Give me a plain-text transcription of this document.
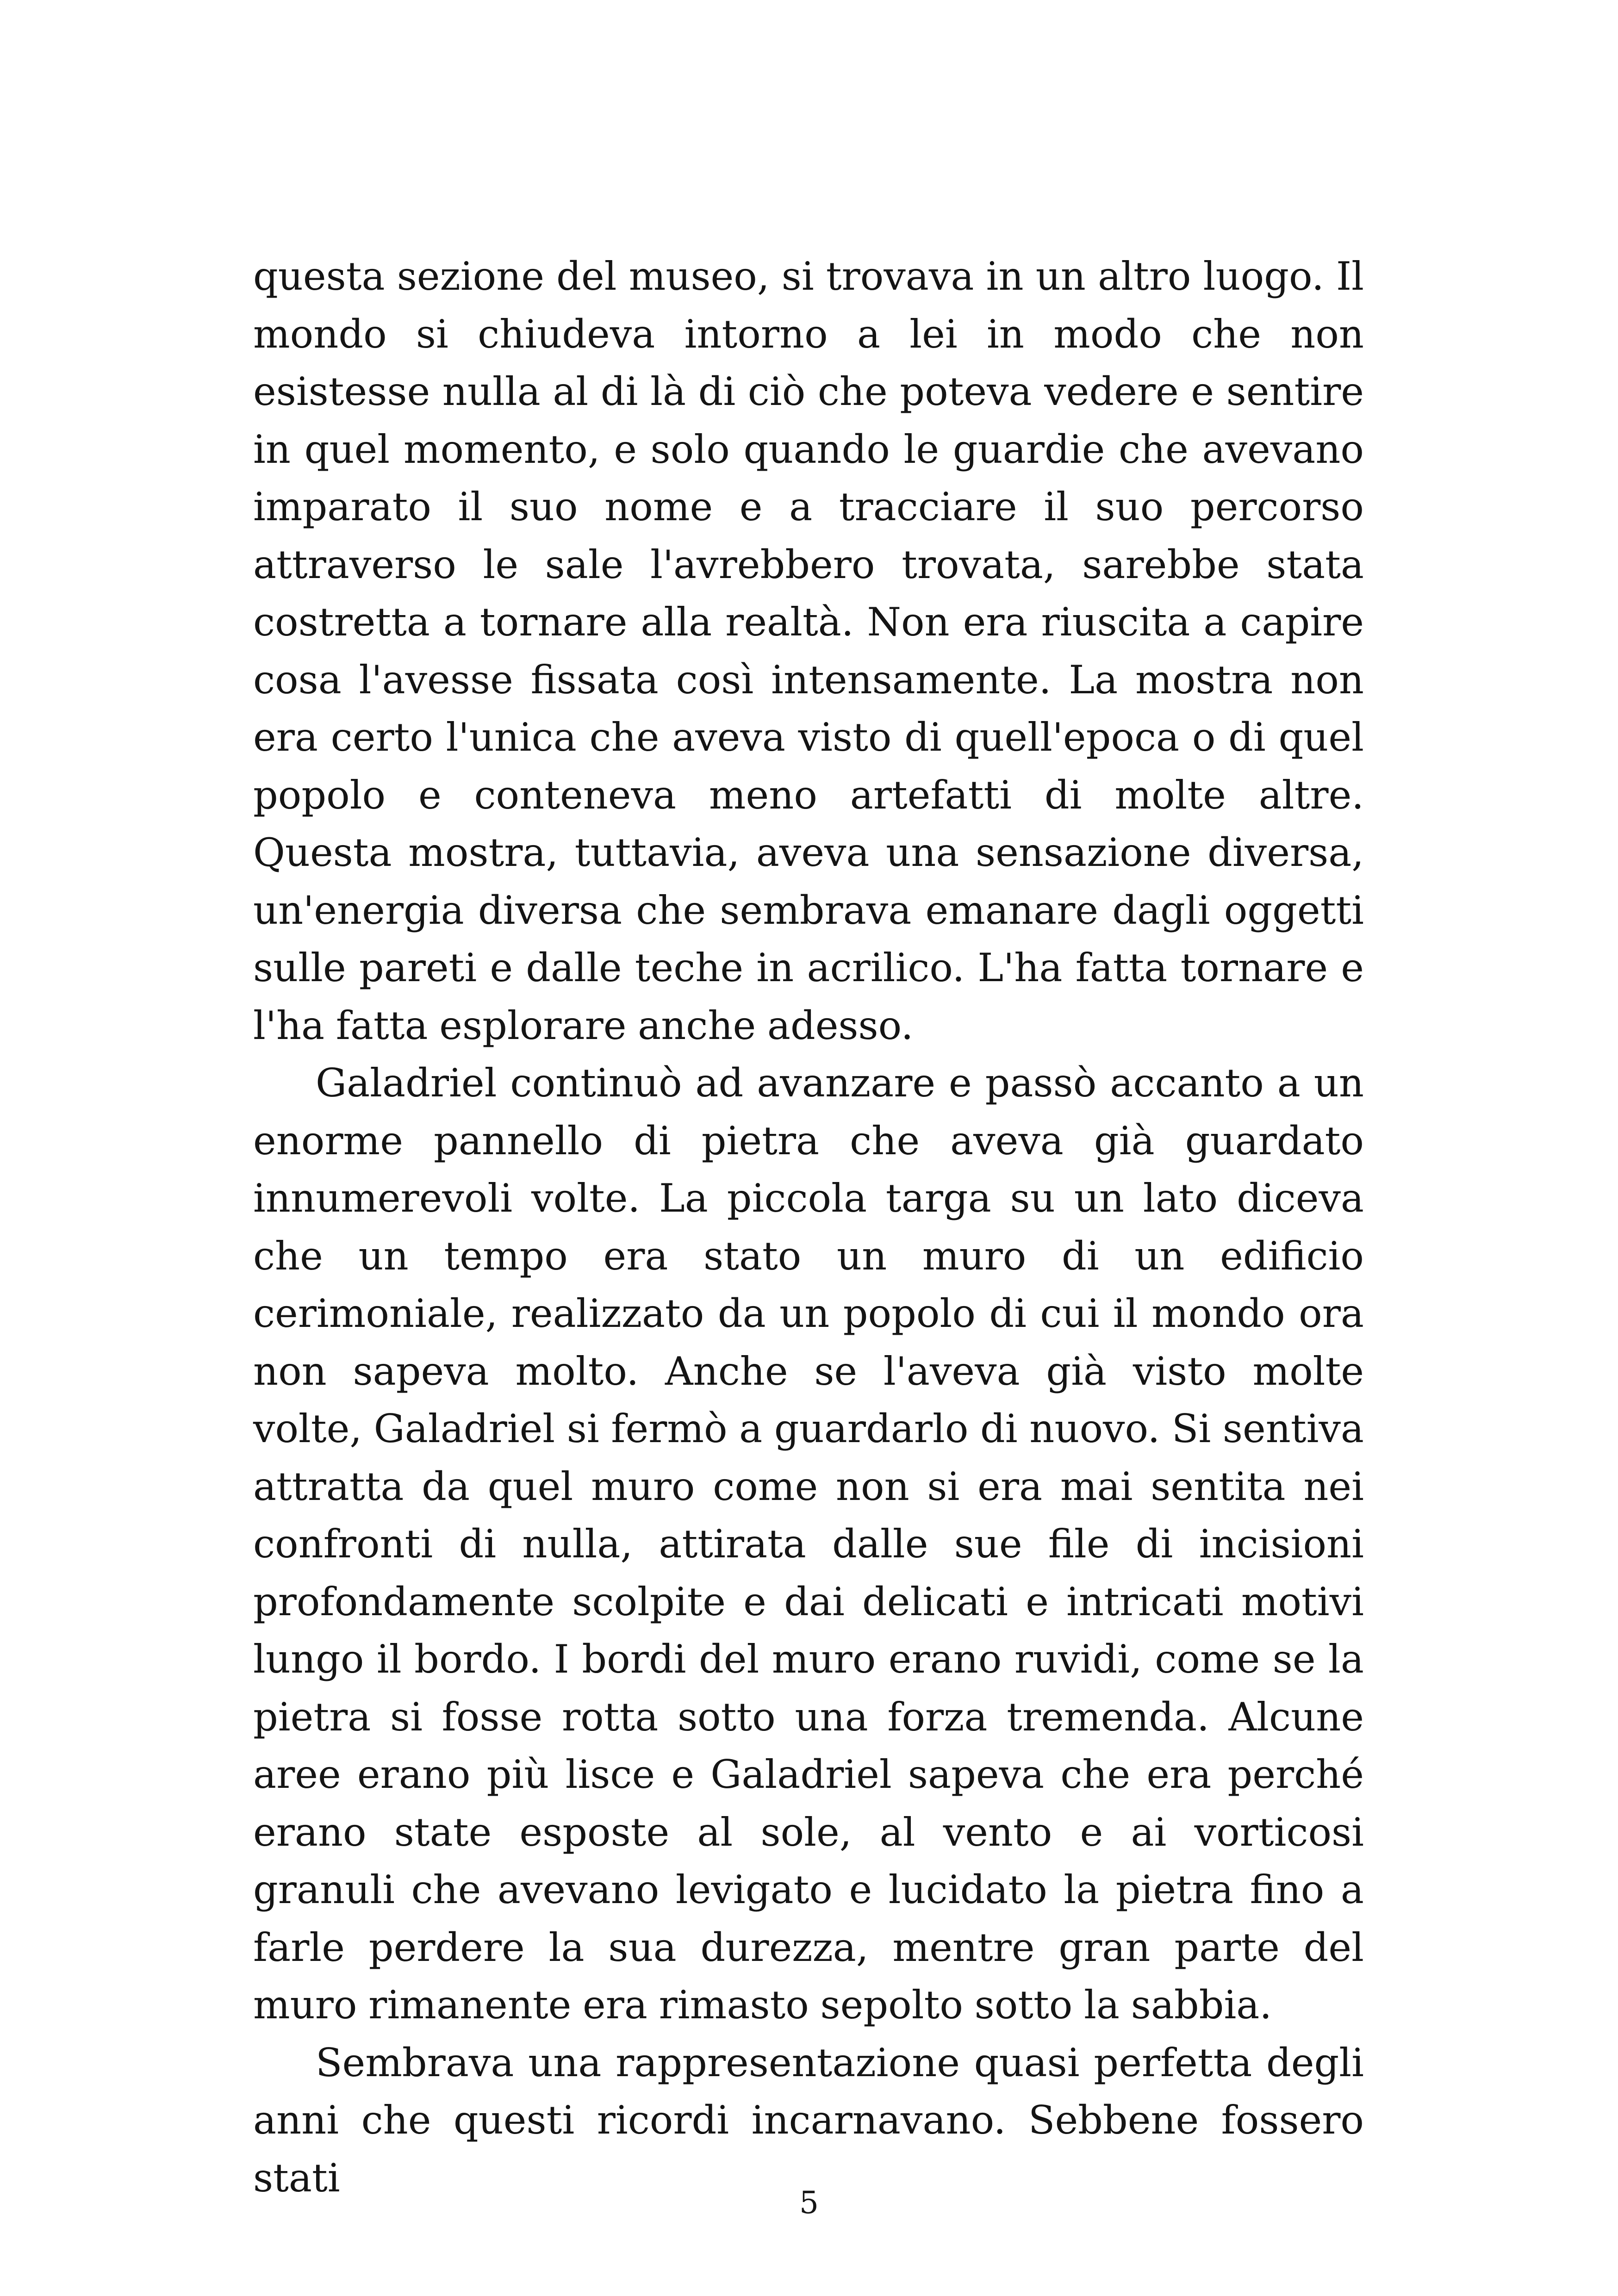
questa sezione del museo, si trovava in un altro luogo. Il mondo si chiudeva intorno a lei in modo che non esistesse nulla al di là di ciò che poteva vedere e sentire in quel momento, e solo quando le guardie che avevano imparato il suo nome e a tracciare il suo percorso attraverso le sale l'avrebbero trovata, sarebbe stata costretta a tornare alla realtà. Non era riuscita a capire cosa l'avesse fissata così intensamente. La mostra non era certo l'unica che aveva visto di quell'epoca o di quel popolo e conteneva meno artefatti di molte altre. Questa mostra, tuttavia, aveva una sensazione diversa, un'energia diversa che sembrava emanare dagli oggetti sulle pareti e dalle teche in acrilico. L'ha fatta tornare e l'ha fatta esplorare anche adesso.

Galadriel continuò ad avanzare e passò accanto a un enorme pannello di pietra che aveva già guardato innumerevoli volte. La piccola targa su un lato diceva che un tempo era stato un muro di un edificio cerimoniale, realizzato da un popolo di cui il mondo ora non sapeva molto. Anche se l'aveva già visto molte volte, Galadriel si fermò a guardarlo di nuovo. Si sentiva attratta da quel muro come non si era mai sentita nei confronti di nulla, attirata dalle sue file di incisioni profondamente scolpite e dai delicati e intricati motivi lungo il bordo. I bordi del muro erano ruvidi, come se la pietra si fosse rotta sotto una forza tremenda. Alcune aree erano più lisce e Galadriel sapeva che era perché erano state esposte al sole, al vento e ai vorticosi granuli che avevano levigato e lucidato la pietra fino a farle perdere la sua durezza, mentre gran parte del muro rimanente era rimasto sepolto sotto la sabbia.

Sembrava una rappresentazione quasi perfetta degli anni che questi ricordi incarnavano. Sebbene fossero stati

5
